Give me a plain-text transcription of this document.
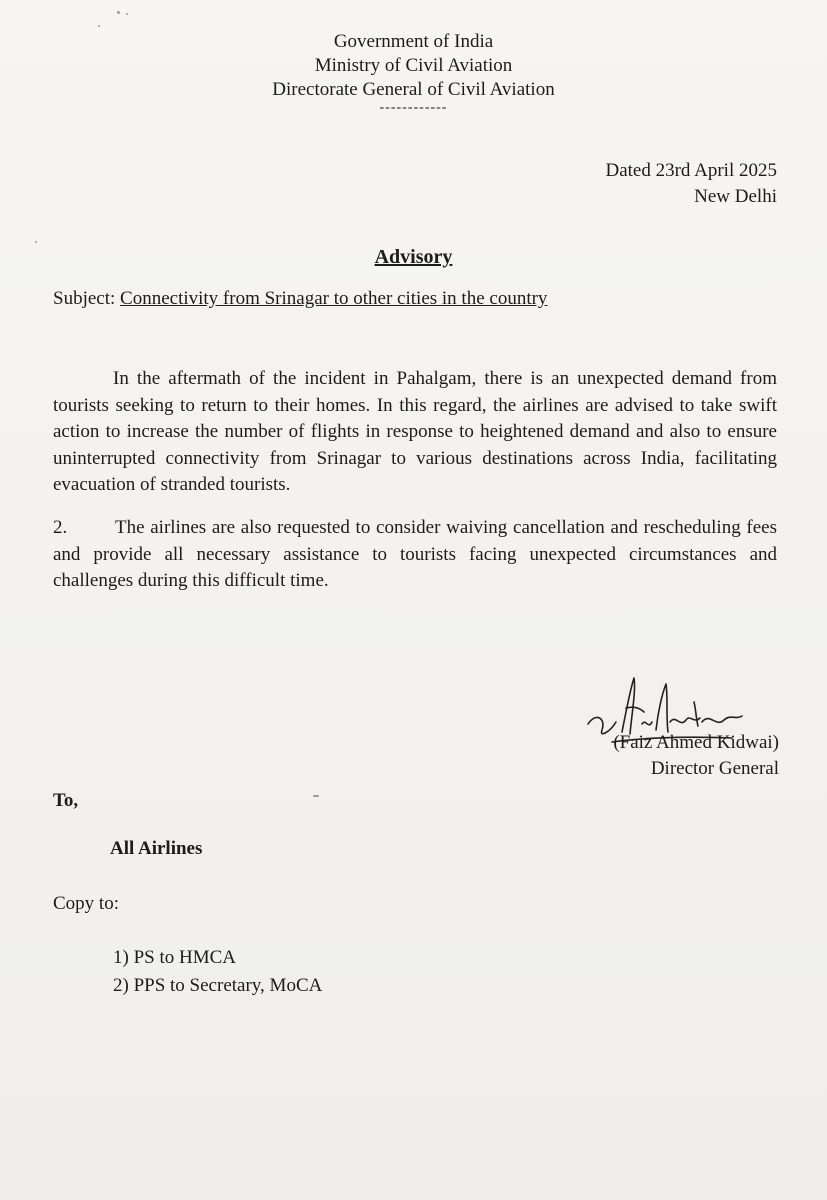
Government of India
Ministry of Civil Aviation
Directorate General of Civil Aviation
------------
Dated 23rd April 2025
New Delhi
Advisory
Subject: Connectivity from Srinagar to other cities in the country
In the aftermath of the incident in Pahalgam, there is an unexpected demand from tourists seeking to return to their homes. In this regard, the airlines are advised to take swift action to increase the number of flights in response to heightened demand and also to ensure uninterrupted connectivity from Srinagar to various destinations across India, facilitating evacuation of stranded tourists.
2.	The airlines are also requested to consider waiving cancellation and rescheduling fees and provide all necessary assistance to tourists facing unexpected circumstances and challenges during this difficult time.
(Faiz Ahmed Kidwai)
Director General
To,
All Airlines
Copy to:
1) PS to HMCA
2) PPS to Secretary, MoCA
